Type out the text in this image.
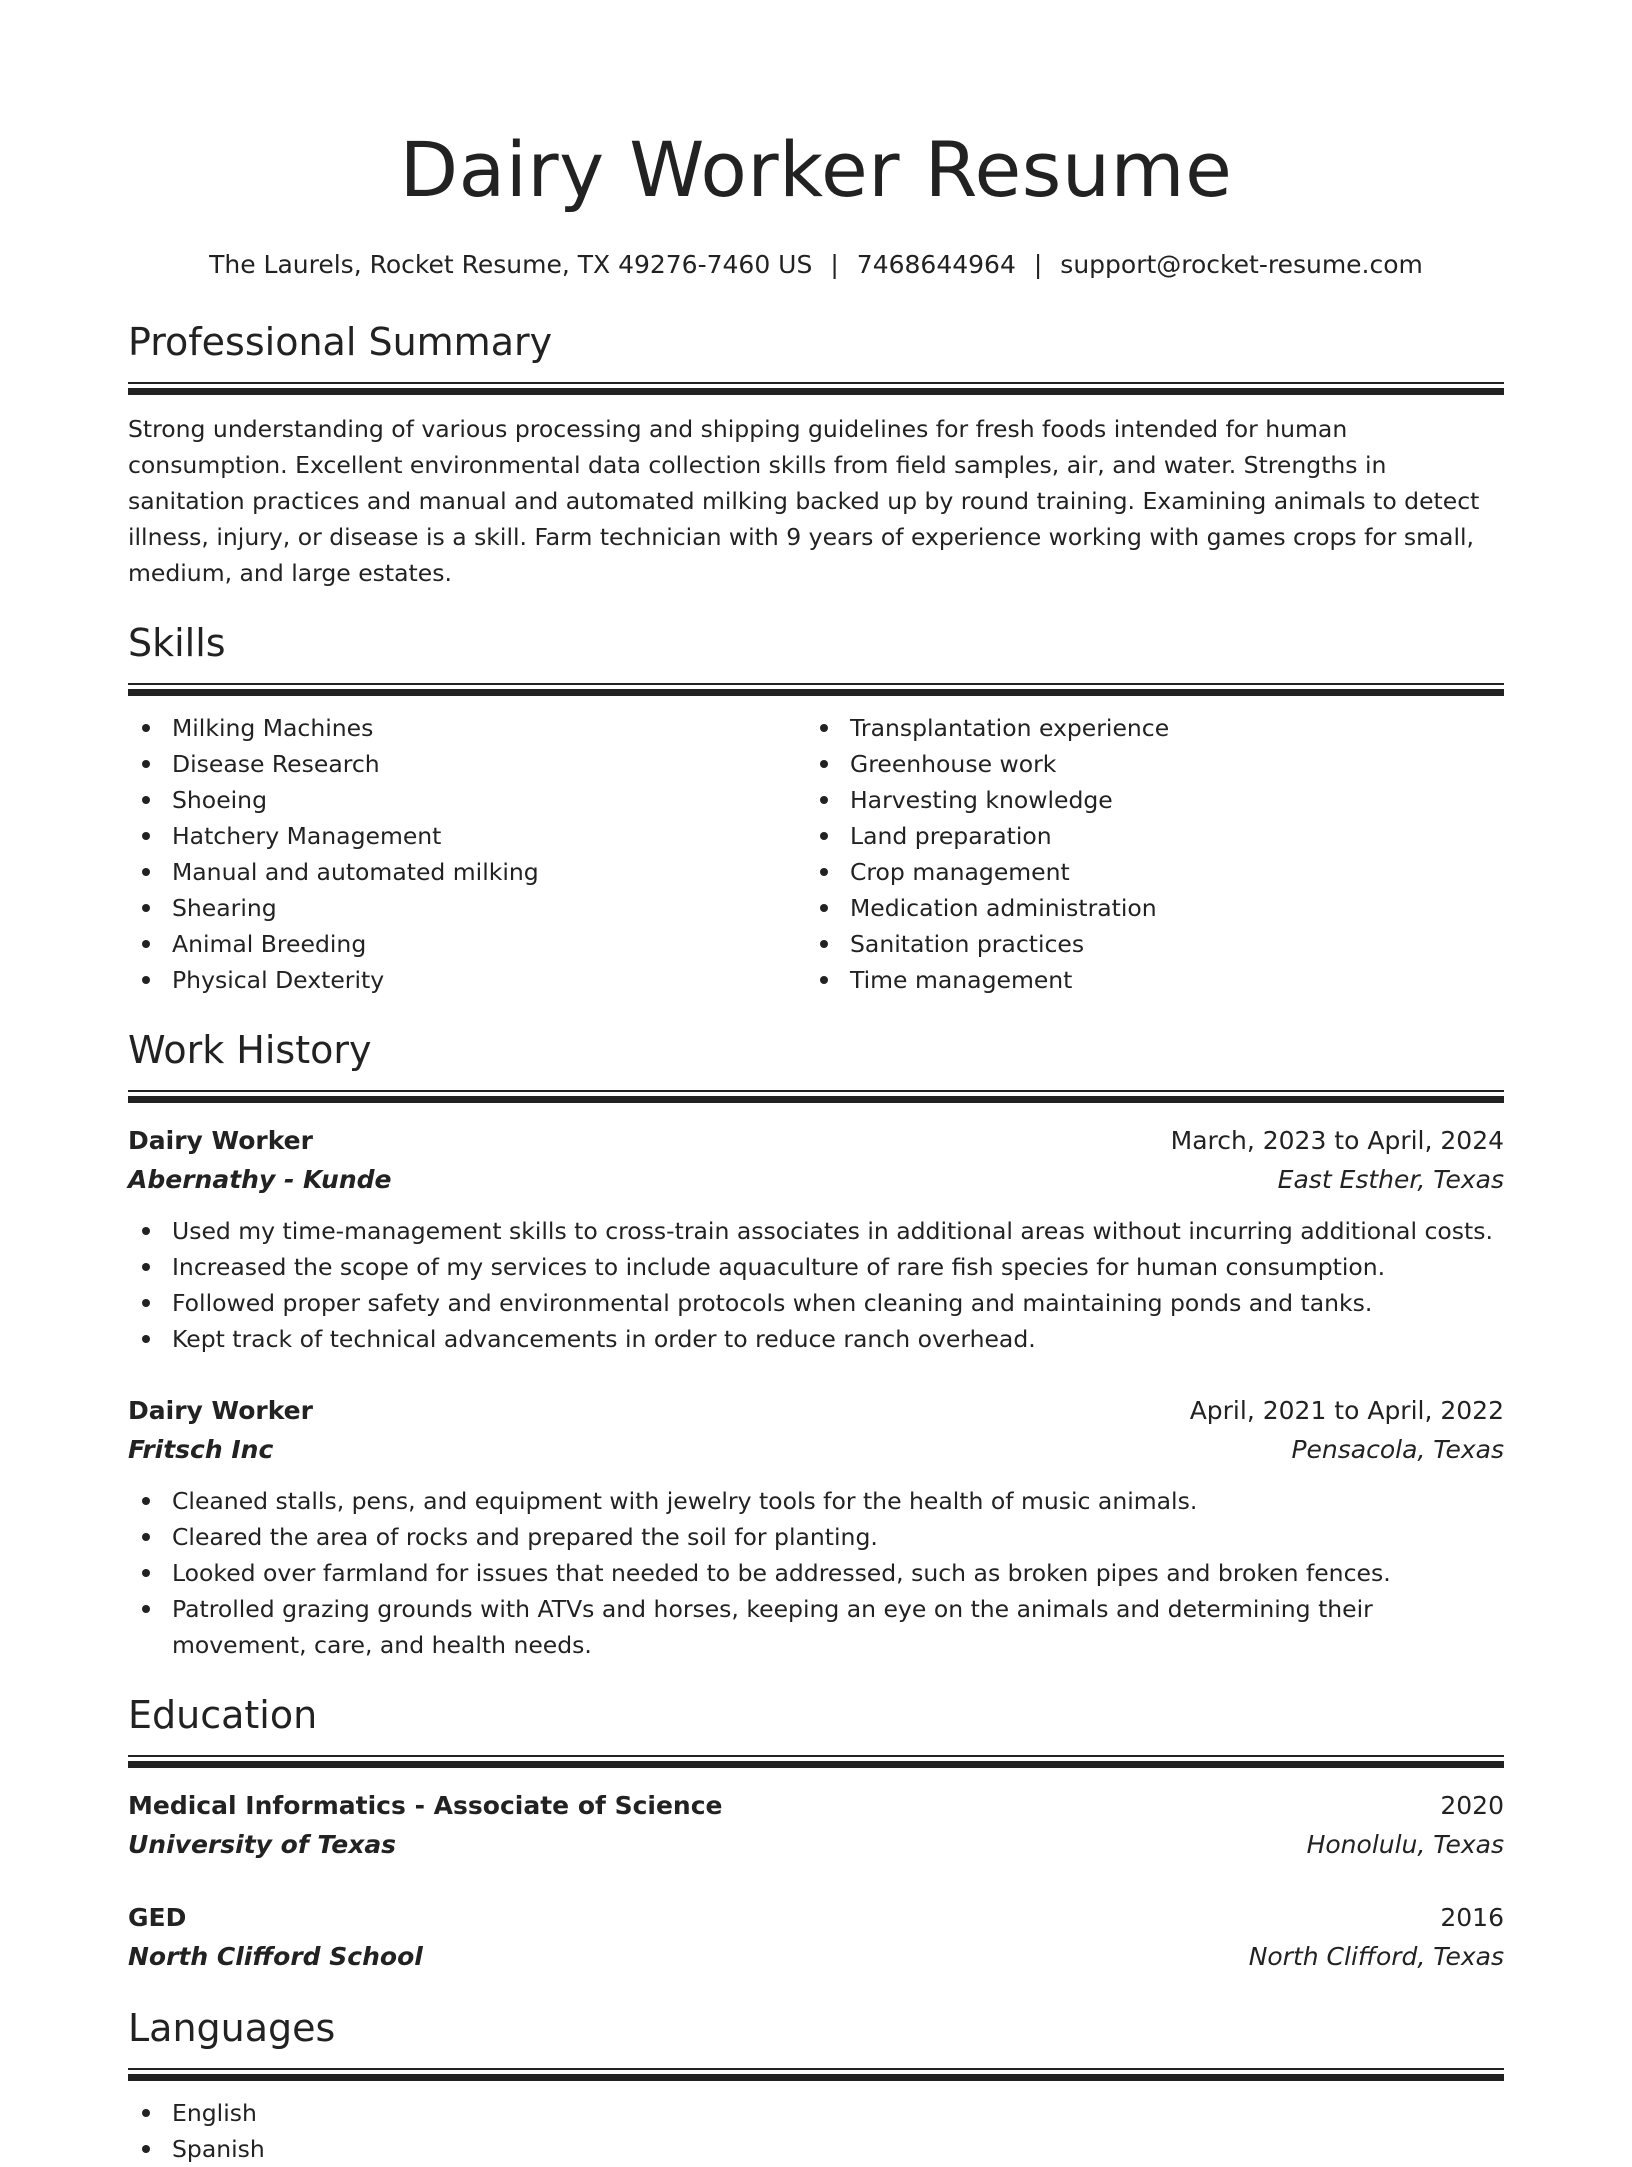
Dairy Worker Resume
The Laurels, Rocket Resume, TX 49276-7460 US | 7468644964 | support@rocket-resume.com
Professional Summary

Strong understanding of various processing and shipping guidelines for fresh foods intended for human consumption. Excellent environmental data collection skills from field samples, air, and water. Strengths in sanitation practices and manual and automated milking backed up by round training. Examining animals to detect illness, injury, or disease is a skill. Farm technician with 9 years of experience working with games crops for small, medium, and large estates.

Skills
Milking Machines
Disease Research
Shoeing
Hatchery Management
Manual and automated milking
Shearing
Animal Breeding
Physical Dexterity
Transplantation experience
Greenhouse work
Harvesting knowledge
Land preparation
Crop management
Medication administration
Sanitation practices
Time management
Work History
Dairy Worker	March, 2023 to April, 2024
Abernathy - Kunde	East Esther, Texas
Used my time-management skills to cross-train associates in additional areas without incurring additional costs.
Increased the scope of my services to include aquaculture of rare fish species for human consumption.
Followed proper safety and environmental protocols when cleaning and maintaining ponds and tanks.
Kept track of technical advancements in order to reduce ranch overhead.
Dairy Worker	April, 2021 to April, 2022
Fritsch Inc	Pensacola, Texas
Cleaned stalls, pens, and equipment with jewelry tools for the health of music animals.
Cleared the area of rocks and prepared the soil for planting.
Looked over farmland for issues that needed to be addressed, such as broken pipes and broken fences.
Patrolled grazing grounds with ATVs and horses, keeping an eye on the animals and determining their movement, care, and health needs.
Education
Medical Informatics - Associate of Science	2020
University of Texas	Honolulu, Texas
GED	2016
North Clifford School	North Clifford, Texas
Languages
English
Spanish
